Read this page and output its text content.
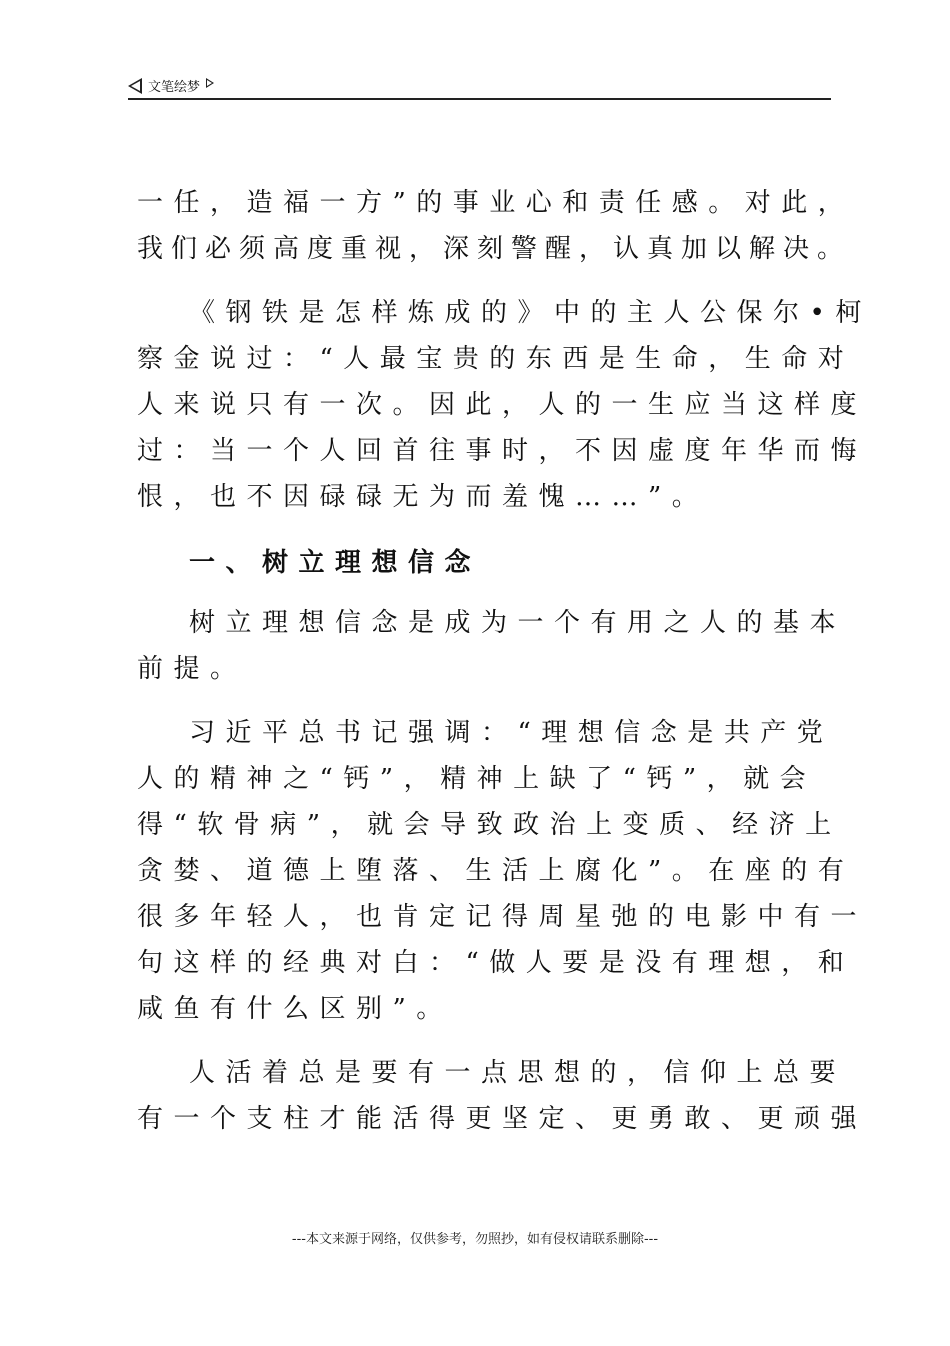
文笔绘梦
一任，造福一方”的事业心和责任感。对此，
我们必须高度重视，深刻警醒，认真加以解决。
《钢铁是怎样炼成的》中的主人公保尔•柯
察金说过：“人最宝贵的东西是生命，生命对
人来说只有一次。因此，人的一生应当这样度
过：当一个人回首往事时，不因虚度年华而悔
恨，也不因碌碌无为而羞愧……”。
一、树立理想信念
树立理想信念是成为一个有用之人的基本
前提。
习近平总书记强调：“理想信念是共产党
人的精神之“钙”，精神上缺了“钙”，就会
得“软骨病”，就会导致政治上变质、经济上
贪婪、道德上堕落、生活上腐化”。在座的有
很多年轻人，也肯定记得周星弛的电影中有一
句这样的经典对白：“做人要是没有理想，和
咸鱼有什么区别”。
人活着总是要有一点思想的，信仰上总要
有一个支柱才能活得更坚定、更勇敢、更顽强
---本文来源于网络，仅供参考，勿照抄，如有侵权请联系删除---
